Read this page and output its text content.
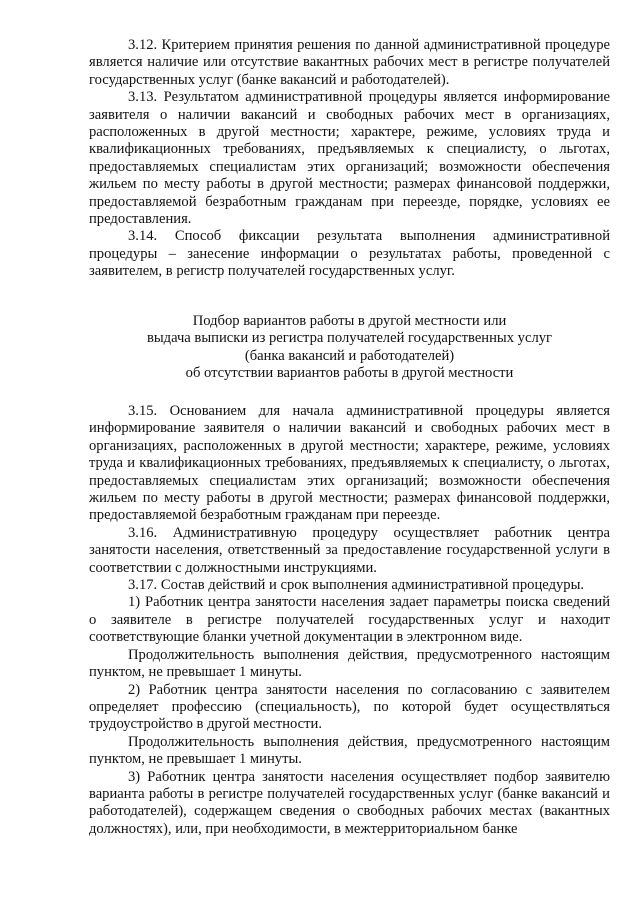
3.12. Критерием принятия решения по данной административной процедуре является наличие или отсутствие вакантных рабочих мест в регистре получателей государственных услуг (банке вакансий и работодателей).

3.13. Результатом административной процедуры является информирование заявителя о наличии вакансий и свободных рабочих мест в организациях, расположенных в другой местности; характере, режиме, условиях труда и квалификационных требованиях, предъявляемых к специалисту, о льготах, предоставляемых специалистам этих организаций; возможности обеспечения жильем по месту работы в другой местности; размерах финансовой поддержки, предоставляемой безработным гражданам при переезде, порядке, условиях ее предоставления.

3.14. Способ фиксации результата выполнения административной процедуры – занесение информации о результатах работы, проведенной с заявителем, в регистр получателей государственных услуг.

Подбор вариантов работы в другой местности или
выдача выписки из регистра получателей государственных услуг
(банка вакансий и работодателей)
об отсутствии вариантов работы в другой местности

3.15. Основанием для начала административной процедуры является информирование заявителя о наличии вакансий и свободных рабочих мест в организациях, расположенных в другой местности; характере, режиме, условиях труда и квалификационных требованиях, предъявляемых к специалисту, о льготах, предоставляемых специалистам этих организаций; возможности обеспечения жильем по месту работы в другой местности; размерах финансовой поддержки, предоставляемой безработным гражданам при переезде.

3.16. Административную процедуру осуществляет работник центра занятости населения, ответственный за предоставление государственной услуги в соответствии с должностными инструкциями.

3.17. Состав действий и срок выполнения административной процедуры.

1) Работник центра занятости населения задает параметры поиска сведений о заявителе в регистре получателей государственных услуг и находит соответствующие бланки учетной документации в электронном виде.

Продолжительность выполнения действия, предусмотренного настоящим пунктом, не превышает 1 минуты.

2) Работник центра занятости населения по согласованию с заявителем определяет профессию (специальность), по которой будет осуществляться трудоустройство в другой местности.

Продолжительность выполнения действия, предусмотренного настоящим пунктом, не превышает 1 минуты.

3) Работник центра занятости населения осуществляет подбор заявителю варианта работы в регистре получателей государственных услуг (банке вакансий и работодателей), содержащем сведения о свободных рабочих местах (вакантных должностях), или, при необходимости, в межтерриториальном банке
